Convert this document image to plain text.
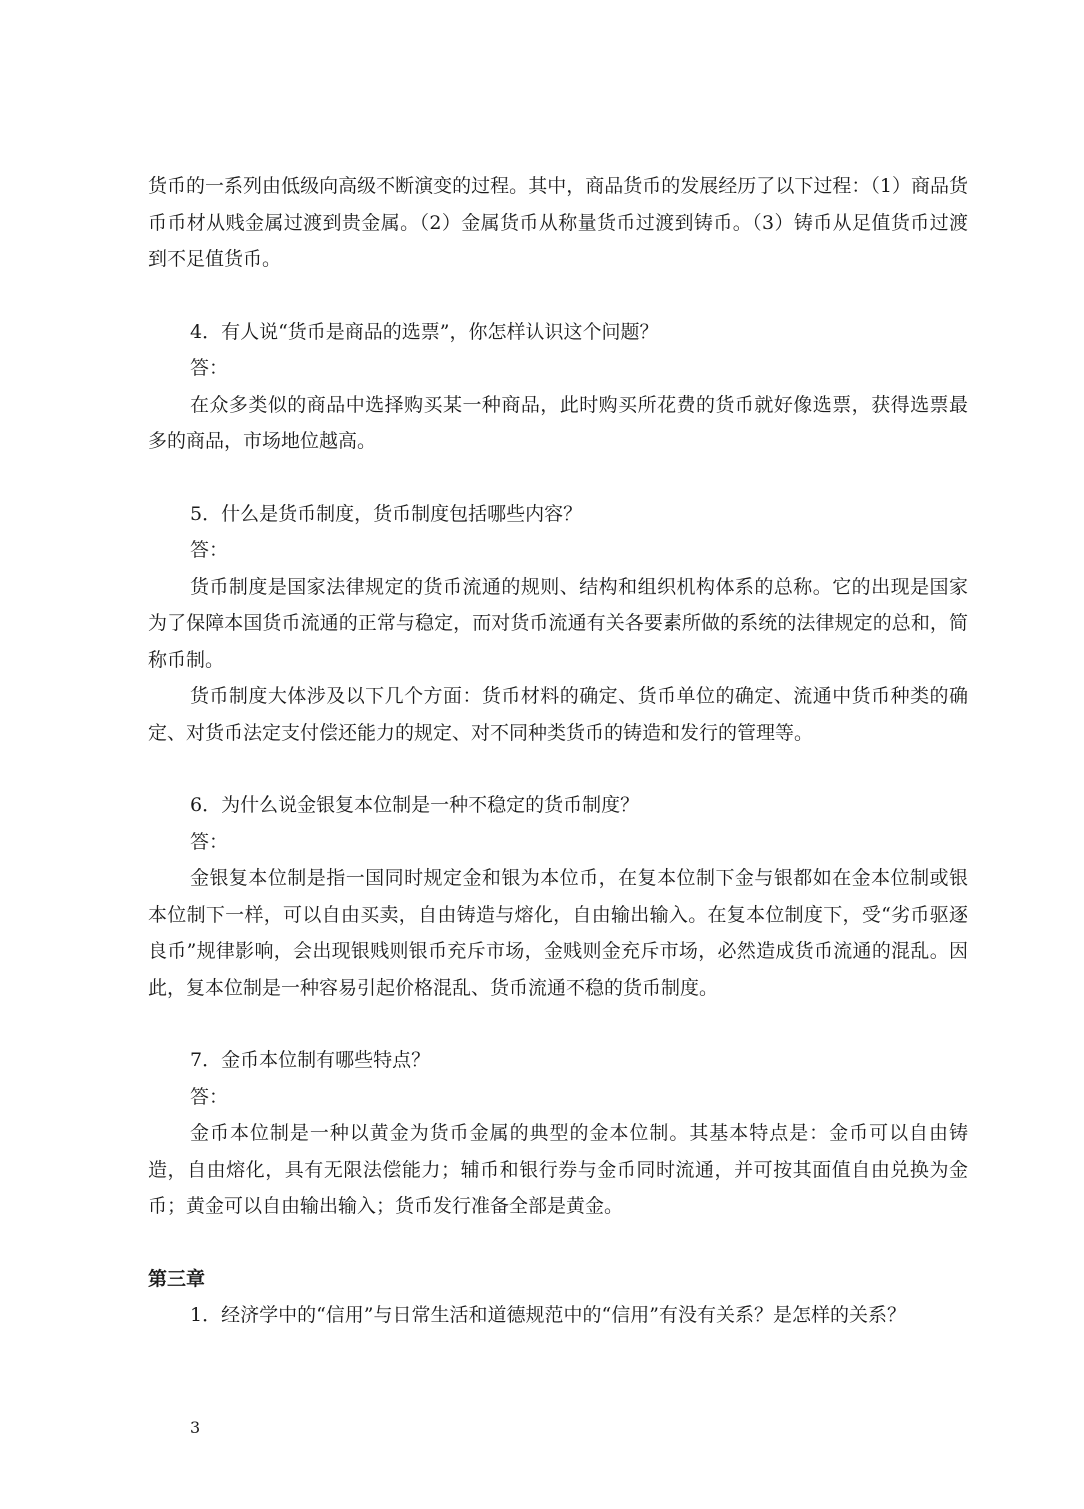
货币的一系列由低级向高级不断演变的过程。其中，商品货币的发展经历了以下过程：（1）商品货币币材从贱金属过渡到贵金属。（2）金属货币从称量货币过渡到铸币。（3）铸币从足值货币过渡到不足值货币。

4．有人说“货币是商品的选票”，你怎样认识这个问题？

答：

在众多类似的商品中选择购买某一种商品，此时购买所花费的货币就好像选票，获得选票最多的商品，市场地位越高。

5．什么是货币制度，货币制度包括哪些内容？

答：

货币制度是国家法律规定的货币流通的规则、结构和组织机构体系的总称。它的出现是国家为了保障本国货币流通的正常与稳定，而对货币流通有关各要素所做的系统的法律规定的总和，简称币制。

货币制度大体涉及以下几个方面：货币材料的确定、货币单位的确定、流通中货币种类的确定、对货币法定支付偿还能力的规定、对不同种类货币的铸造和发行的管理等。

6．为什么说金银复本位制是一种不稳定的货币制度？

答：

金银复本位制是指一国同时规定金和银为本位币，在复本位制下金与银都如在金本位制或银本位制下一样，可以自由买卖，自由铸造与熔化，自由输出输入。在复本位制度下，受“劣币驱逐良币”规律影响，会出现银贱则银币充斥市场，金贱则金充斥市场，必然造成货币流通的混乱。因此，复本位制是一种容易引起价格混乱、货币流通不稳的货币制度。

7．金币本位制有哪些特点？

答：

金币本位制是一种以黄金为货币金属的典型的金本位制。其基本特点是：金币可以自由铸造，自由熔化，具有无限法偿能力；辅币和银行券与金币同时流通，并可按其面值自由兑换为金币；黄金可以自由输出输入；货币发行准备全部是黄金。

第三章

1．经济学中的“信用”与日常生活和道德规范中的“信用”有没有关系？是怎样的关系？

3
